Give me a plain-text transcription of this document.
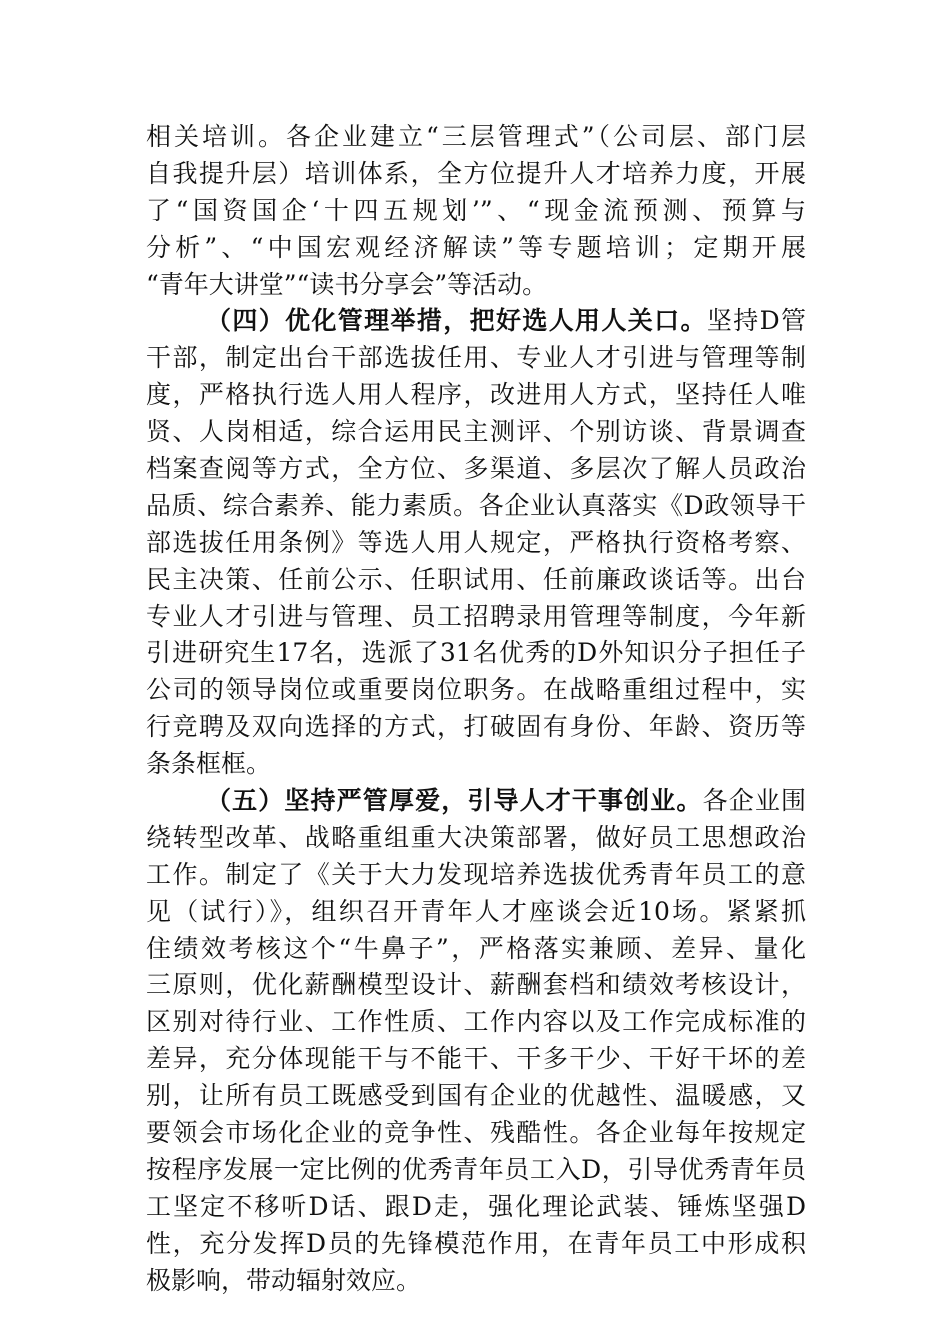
相关培训。各企业建立“三层管理式”（公司层、部门层
自我提升层）培训体系，全方位提升人才培养力度，开展
了“国资国企‘十四五规划’”、“现金流预测、预算与
分析”、“中国宏观经济解读”等专题培训；定期开展
“青年大讲堂”“读书分享会”等活动。
（四）优化管理举措，把好选人用人关口。坚持D管
干部，制定出台干部选拔任用、专业人才引进与管理等制
度，严格执行选人用人程序，改进用人方式，坚持任人唯
贤、人岗相适，综合运用民主测评、个别访谈、背景调查
档案查阅等方式，全方位、多渠道、多层次了解人员政治
品质、综合素养、能力素质。各企业认真落实《D政领导干
部选拔任用条例》等选人用人规定，严格执行资格考察、
民主决策、任前公示、任职试用、任前廉政谈话等。出台
专业人才引进与管理、员工招聘录用管理等制度，今年新
引进研究生17名，选派了31名优秀的D外知识分子担任子
公司的领导岗位或重要岗位职务。在战略重组过程中，实
行竞聘及双向选择的方式，打破固有身份、年龄、资历等
条条框框。
（五）坚持严管厚爱，引导人才干事创业。各企业围
绕转型改革、战略重组重大决策部署，做好员工思想政治
工作。制定了《关于大力发现培养选拔优秀青年员工的意
见（试行）》，组织召开青年人才座谈会近10场。紧紧抓
住绩效考核这个“牛鼻子”，严格落实兼顾、差异、量化
三原则，优化薪酬模型设计、薪酬套档和绩效考核设计，
区别对待行业、工作性质、工作内容以及工作完成标准的
差异，充分体现能干与不能干、干多干少、干好干坏的差
别，让所有员工既感受到国有企业的优越性、温暖感，又
要领会市场化企业的竞争性、残酷性。各企业每年按规定
按程序发展一定比例的优秀青年员工入D，引导优秀青年员
工坚定不移听D话、跟D走，强化理论武装、锤炼坚强D
性，充分发挥D员的先锋模范作用，在青年员工中形成积
极影响，带动辐射效应。
